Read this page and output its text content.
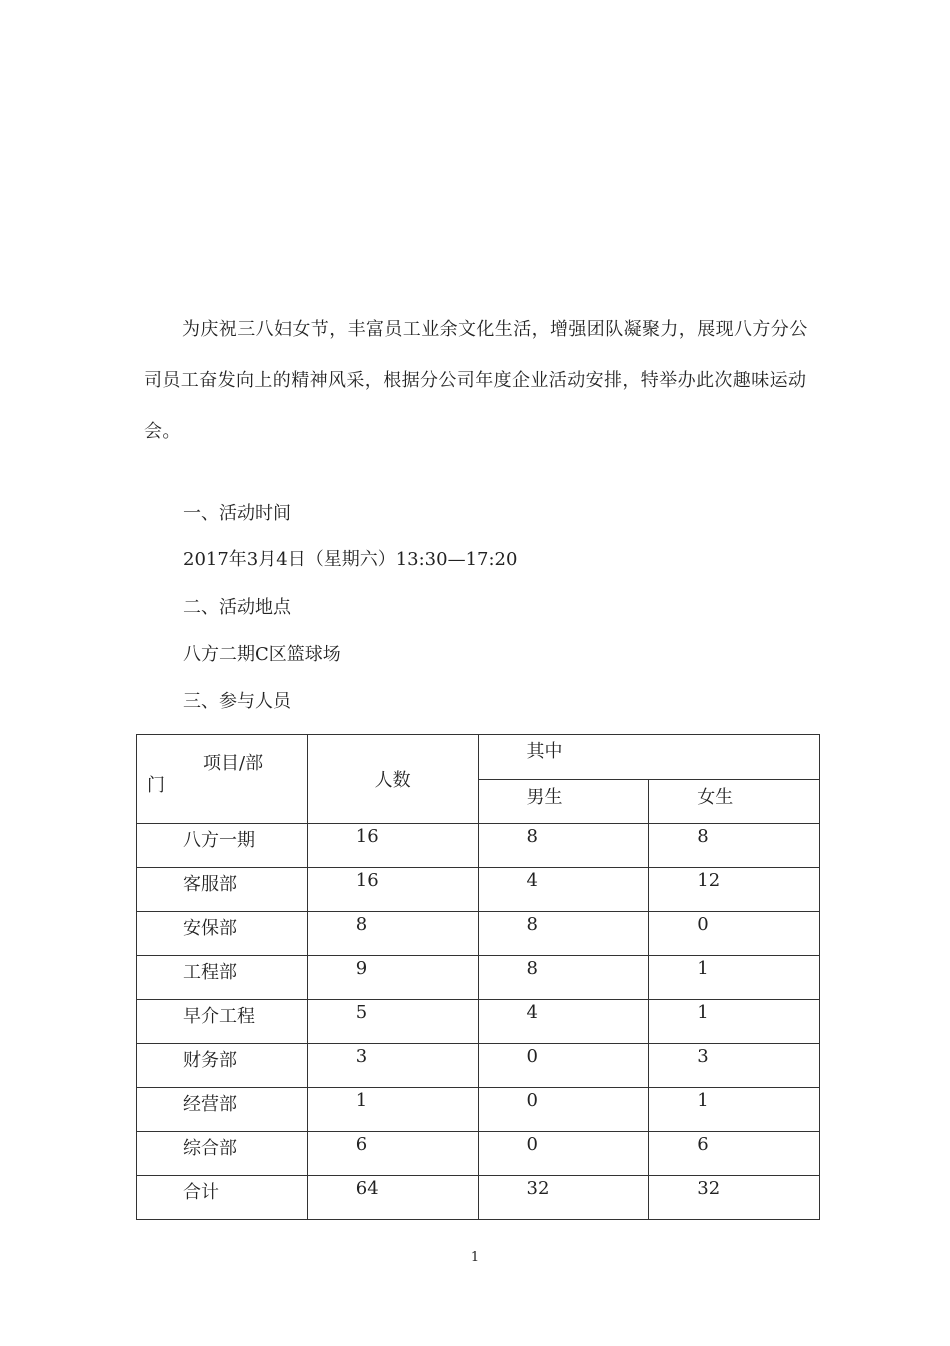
为庆祝三八妇女节，丰富员工业余文化生活，增强团队凝聚力，展现八方分公司员工奋发向上的精神风采，根据分公司年度企业活动安排，特举办此次趣味运动会。

一、活动时间
2017年3月4日（星期六）13:30—17:20
二、活动地点
八方二期C区篮球场
三、参与人员
项目/部
门	人数	其中	
		男生	女生
八方一期	16	8	8
客服部	16	4	12
安保部	8	8	0
工程部	9	8	1
早介工程	5	4	1
财务部	3	0	3
经营部	1	0	1
综合部	6	0	6
合计	64	32	32
1
